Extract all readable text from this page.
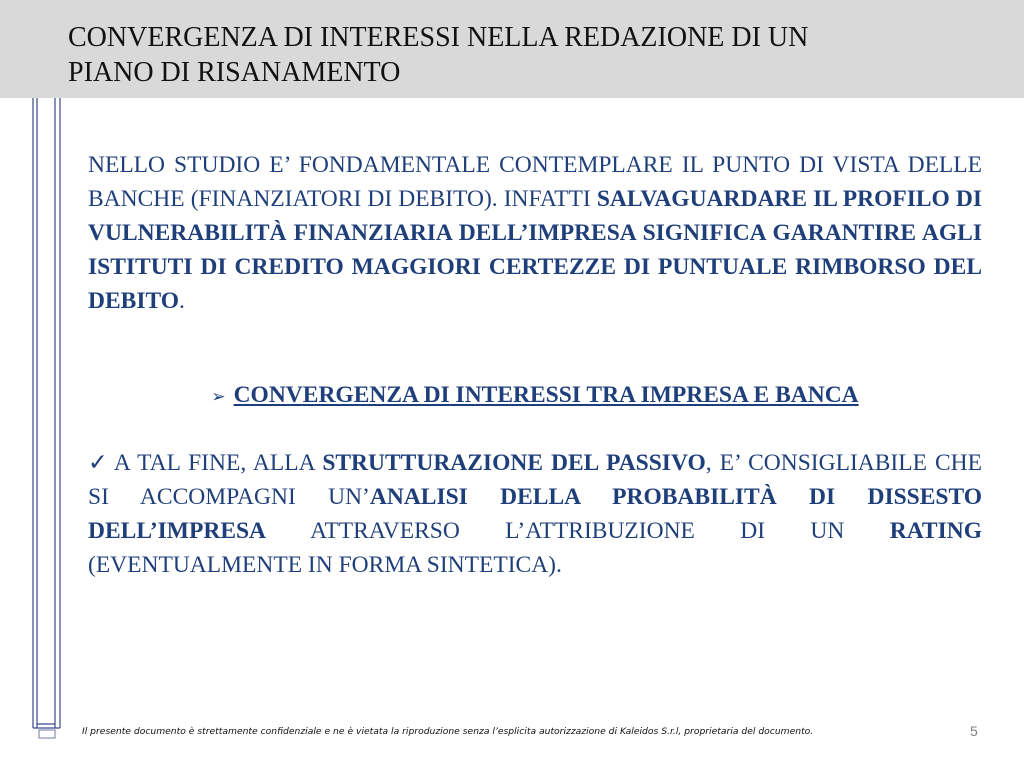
CONVERGENZA DI INTERESSI NELLA REDAZIONE DI UN
PIANO DI RISANAMENTO
NELLO STUDIO E’ FONDAMENTALE CONTEMPLARE IL PUNTO DI VISTA DELLE BANCHE (FINANZIATORI DI DEBITO). INFATTI SALVAGUARDARE IL PROFILO DI VULNERABILITÀ FINANZIARIA DELL’IMPRESA SIGNIFICA GARANTIRE AGLI ISTITUTI DI CREDITO MAGGIORI CERTEZZE DI PUNTUALE RIMBORSO DEL DEBITO.
➢ CONVERGENZA DI INTERESSI TRA IMPRESA E BANCA
✓ A TAL FINE, ALLA STRUTTURAZIONE DEL PASSIVO, E’ CONSIGLIABILE CHE SI ACCOMPAGNI UN’ANALISI DELLA PROBABILITÀ DI DISSESTO DELL’IMPRESA ATTRAVERSO L’ATTRIBUZIONE DI UN RATING (EVENTUALMENTE IN FORMA SINTETICA).
Il presente documento è strettamente confidenziale e ne è vietata la riproduzione senza l’esplicita autorizzazione di Kaleidos S.r.l, proprietaria del documento.	5
